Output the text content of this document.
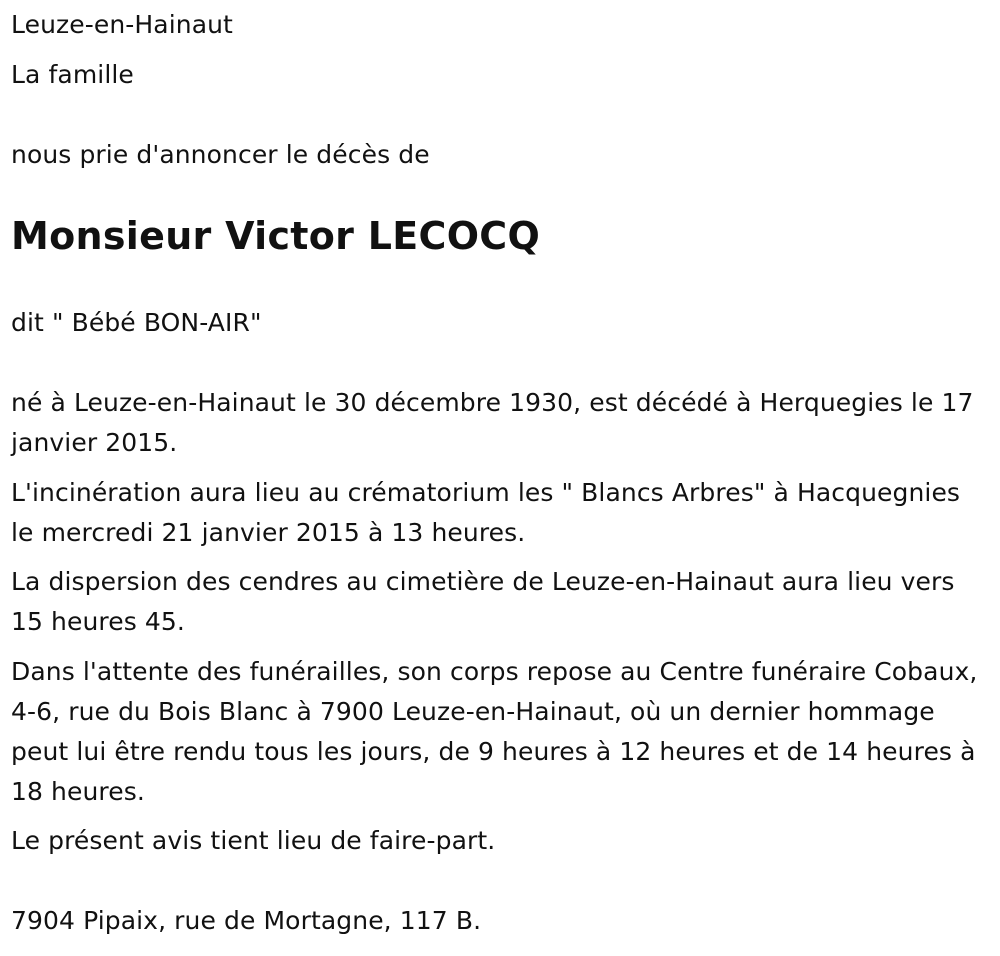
Leuze-en-Hainaut

La famille

nous prie d'annoncer le décès de

Monsieur Victor LECOCQ

dit " Bébé BON-AIR"

né à Leuze-en-Hainaut le 30 décembre 1930, est décédé à Herquegies le 17 janvier 2015.

L'incinération aura lieu au crématorium les " Blancs Arbres" à Hacquegnies le mercredi 21 janvier 2015 à 13 heures.

La dispersion des cendres au cimetière de Leuze-en-Hainaut aura lieu vers 15 heures 45.

Dans l'attente des funérailles, son corps repose au Centre funéraire Cobaux, 4-6, rue du Bois Blanc à 7900 Leuze-en-Hainaut, où un dernier hommage peut lui être rendu tous les jours, de 9 heures à 12 heures et de 14 heures à 18 heures.

Le présent avis tient lieu de faire-part.

7904 Pipaix, rue de Mortagne, 117 B.
